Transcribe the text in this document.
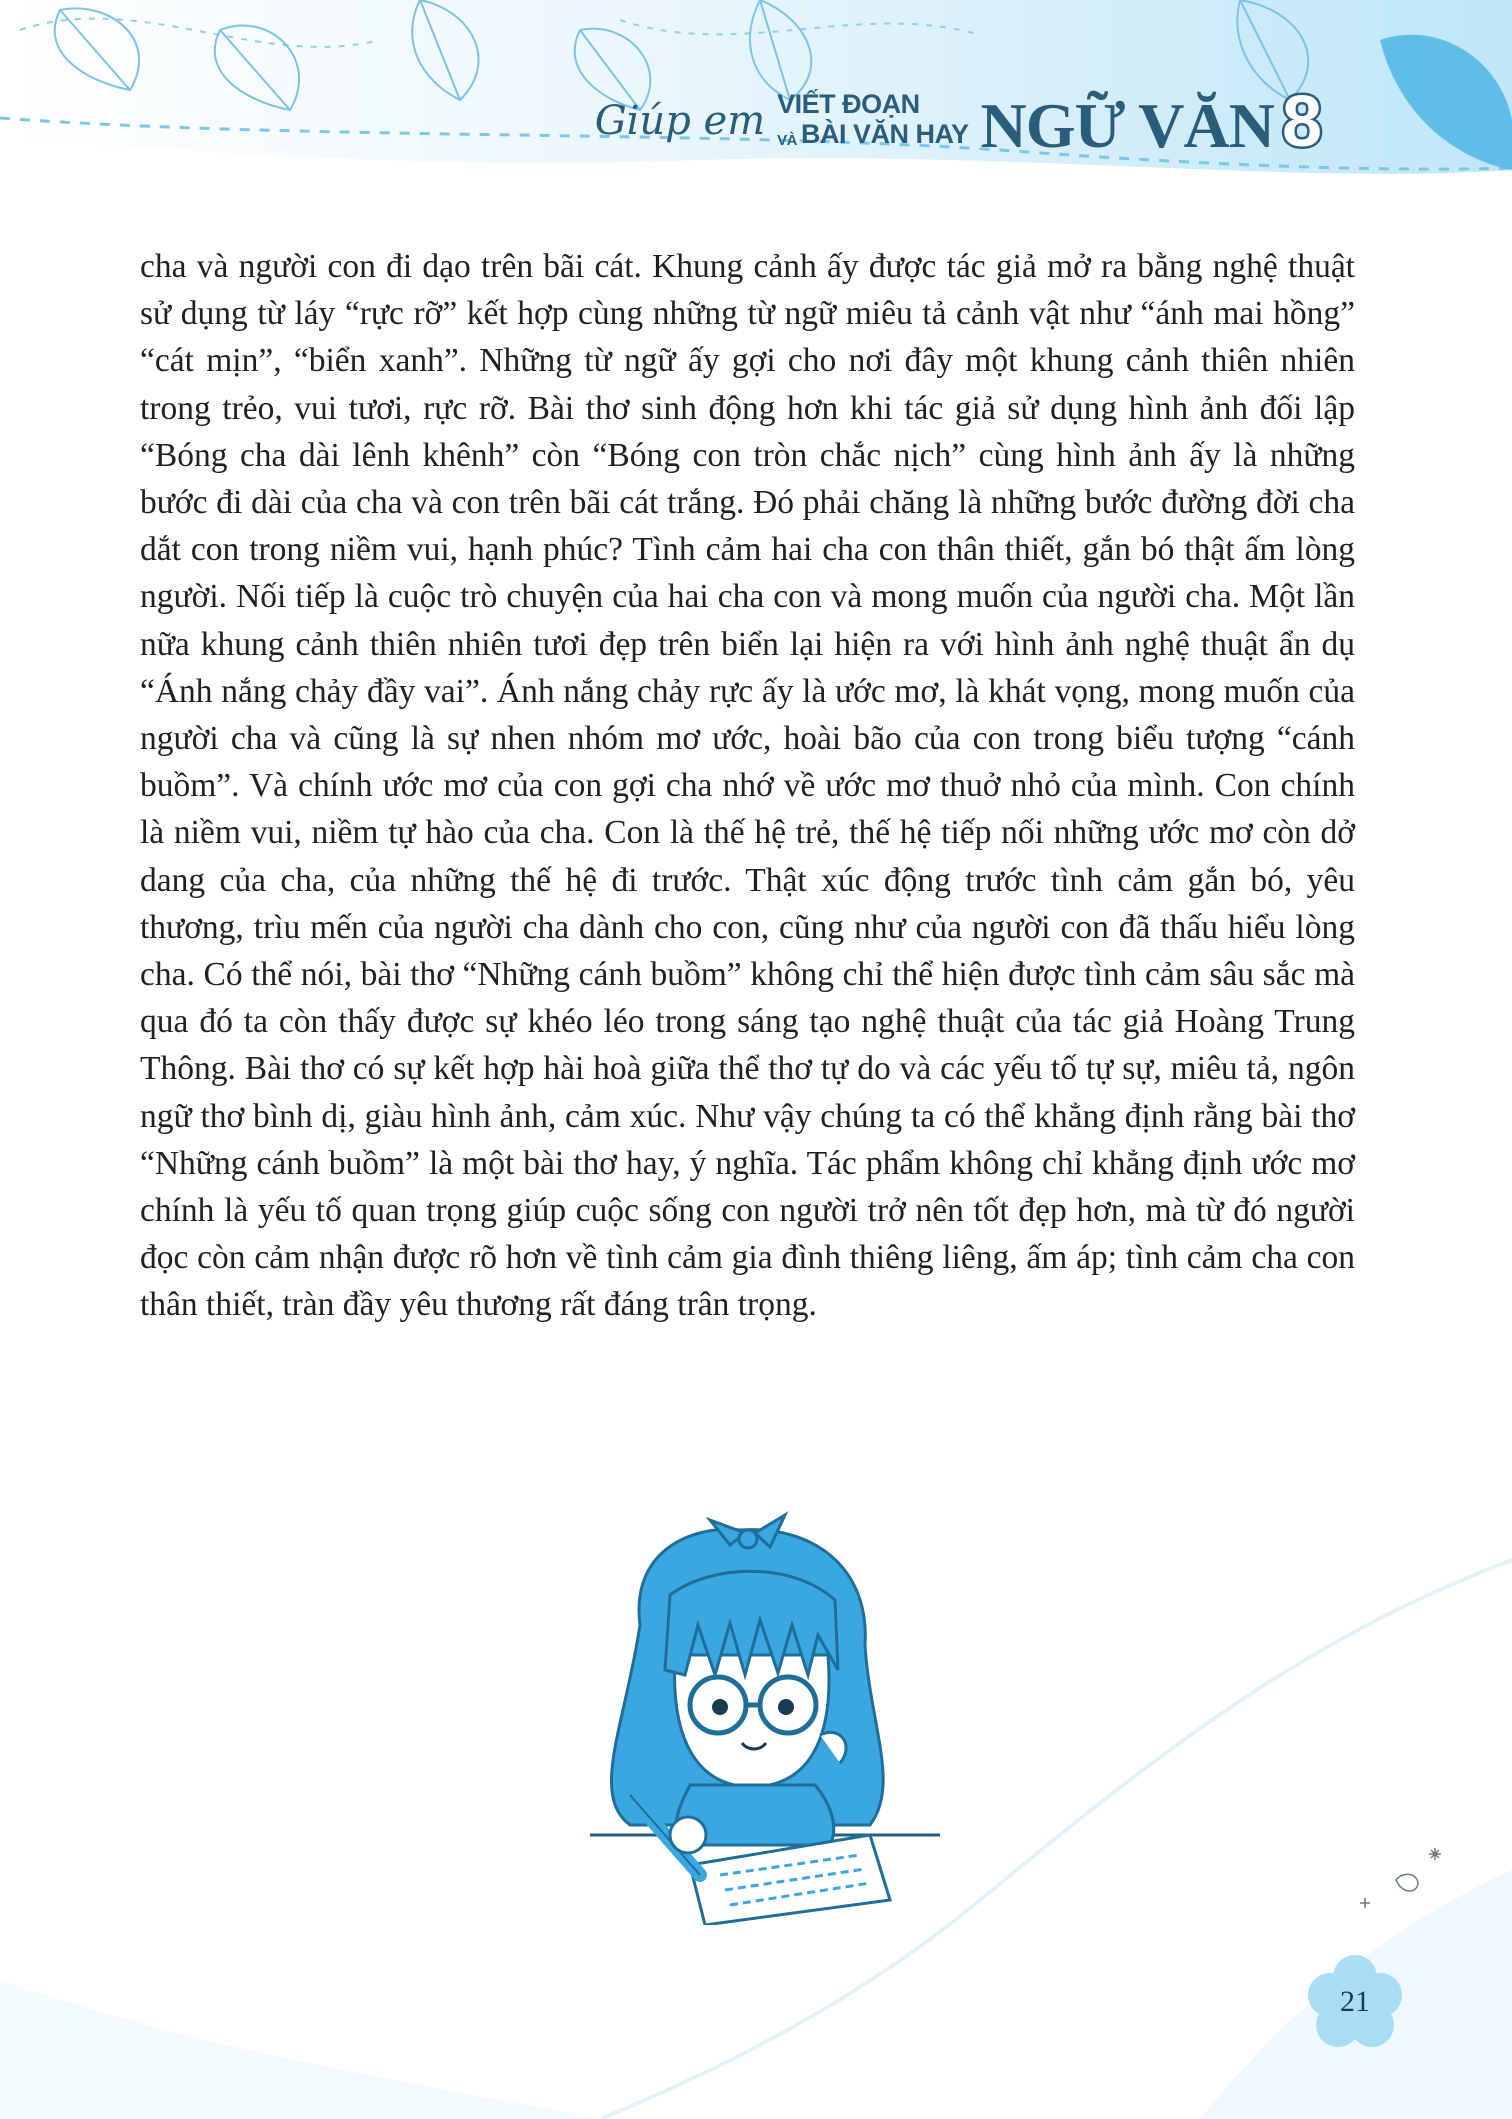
Giúp em VIẾT ĐOẠN
VÀ BÀI VĂN HAY NGỮ VĂN 8

cha và người con đi dạo trên bãi cát. Khung cảnh ấy được tác giả mở ra bằng nghệ thuật sử dụng từ láy “rực rỡ” kết hợp cùng những từ ngữ miêu tả cảnh vật như “ánh mai hồng” “cát mịn”, “biển xanh”. Những từ ngữ ấy gợi cho nơi đây một khung cảnh thiên nhiên trong trẻo, vui tươi, rực rỡ. Bài thơ sinh động hơn khi tác giả sử dụng hình ảnh đối lập “Bóng cha dài lênh khênh” còn “Bóng con tròn chắc nịch” cùng hình ảnh ấy là những bước đi dài của cha và con trên bãi cát trắng. Đó phải chăng là những bước đường đời cha dắt con trong niềm vui, hạnh phúc? Tình cảm hai cha con thân thiết, gắn bó thật ấm lòng người. Nối tiếp là cuộc trò chuyện của hai cha con và mong muốn của người cha. Một lần nữa khung cảnh thiên nhiên tươi đẹp trên biển lại hiện ra với hình ảnh nghệ thuật ẩn dụ “Ánh nắng chảy đầy vai”. Ánh nắng chảy rực ấy là ước mơ, là khát vọng, mong muốn của người cha và cũng là sự nhen nhóm mơ ước, hoài bão của con trong biểu tượng “cánh buồm”. Và chính ước mơ của con gợi cha nhớ về ước mơ thuở nhỏ của mình. Con chính là niềm vui, niềm tự hào của cha. Con là thế hệ trẻ, thế hệ tiếp nối những ước mơ còn dở dang của cha, của những thế hệ đi trước. Thật xúc động trước tình cảm gắn bó, yêu thương, trìu mến của người cha dành cho con, cũng như của người con đã thấu hiểu lòng cha. Có thể nói, bài thơ “Những cánh buồm” không chỉ thể hiện được tình cảm sâu sắc mà qua đó ta còn thấy được sự khéo léo trong sáng tạo nghệ thuật của tác giả Hoàng Trung Thông. Bài thơ có sự kết hợp hài hoà giữa thể thơ tự do và các yếu tố tự sự, miêu tả, ngôn ngữ thơ bình dị, giàu hình ảnh, cảm xúc. Như vậy chúng ta có thể khẳng định rằng bài thơ “Những cánh buồm” là một bài thơ hay, ý nghĩa. Tác phẩm không chỉ khẳng định ước mơ chính là yếu tố quan trọng giúp cuộc sống con người trở nên tốt đẹp hơn, mà từ đó người đọc còn cảm nhận được rõ hơn về tình cảm gia đình thiêng liêng, ấm áp; tình cảm cha con thân thiết, tràn đầy yêu thương rất đáng trân trọng.

21
